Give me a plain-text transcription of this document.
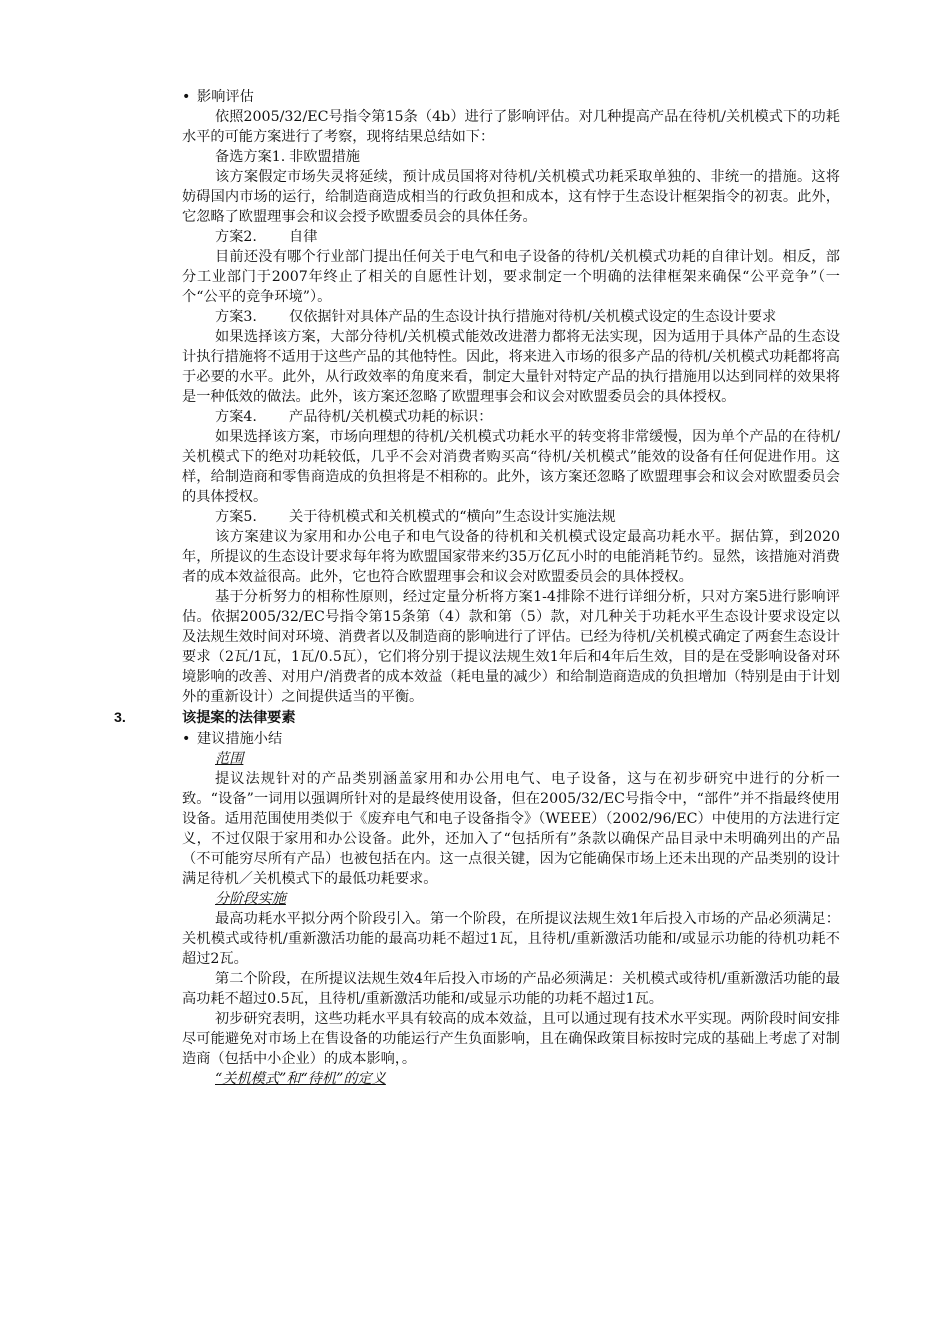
• 影响评估

依照2005/32/EC号指令第15条（4b）进行了影响评估。对几种提高产品在待机/关机模式下的功耗水平的可能方案进行了考察，现将结果总结如下：

备选方案1. 非欧盟措施

该方案假定市场失灵将延续，预计成员国将对待机/关机模式功耗采取单独的、非统一的措施。这将妨碍国内市场的运行，给制造商造成相当的行政负担和成本，这有悖于生态设计框架指令的初衷。此外，它忽略了欧盟理事会和议会授予欧盟委员会的具体任务。

方案2. 自律

目前还没有哪个行业部门提出任何关于电气和电子设备的待机/关机模式功耗的自律计划。相反，部分工业部门于2007年终止了相关的自愿性计划，要求制定一个明确的法律框架来确保“公平竞争”（一个“公平的竞争环境”）。

方案3. 仅依据针对具体产品的生态设计执行措施对待机/关机模式设定的生态设计要求

如果选择该方案，大部分待机/关机模式能效改进潜力都将无法实现，因为适用于具体产品的生态设计执行措施将不适用于这些产品的其他特性。因此，将来进入市场的很多产品的待机/关机模式功耗都将高于必要的水平。此外，从行政效率的角度来看，制定大量针对特定产品的执行措施用以达到同样的效果将是一种低效的做法。此外，该方案还忽略了欧盟理事会和议会对欧盟委员会的具体授权。

方案4. 产品待机/关机模式功耗的标识：

如果选择该方案，市场向理想的待机/关机模式功耗水平的转变将非常缓慢，因为单个产品的在待机/关机模式下的绝对功耗较低，几乎不会对消费者购买高“待机/关机模式”能效的设备有任何促进作用。这样，给制造商和零售商造成的负担将是不相称的。此外，该方案还忽略了欧盟理事会和议会对欧盟委员会的具体授权。

方案5. 关于待机模式和关机模式的“横向”生态设计实施法规

该方案建议为家用和办公电子和电气设备的待机和关机模式设定最高功耗水平。据估算，到2020年，所提议的生态设计要求每年将为欧盟国家带来约35万亿瓦小时的电能消耗节约。显然，该措施对消费者的成本效益很高。此外，它也符合欧盟理事会和议会对欧盟委员会的具体授权。

基于分析努力的相称性原则，经过定量分析将方案1-4排除不进行详细分析，只对方案5进行影响评估。依据2005/32/EC号指令第15条第（4）款和第（5）款，对几种关于功耗水平生态设计要求设定以及法规生效时间对环境、消费者以及制造商的影响进行了评估。已经为待机/关机模式确定了两套生态设计要求（2瓦/1瓦，1瓦/0.5瓦），它们将分别于提议法规生效1年后和4年后生效，目的是在受影响设备对环境影响的改善、对用户/消费者的成本效益（耗电量的减少）和给制造商造成的负担增加（特别是由于计划外的重新设计）之间提供适当的平衡。

3.	该提案的法律要素

• 建议措施小结

范围

提议法规针对的产品类别涵盖家用和办公用电气、电子设备，这与在初步研究中进行的分析一致。“设备”一词用以强调所针对的是最终使用设备，但在2005/32/EC号指令中，“部件”并不指最终使用设备。适用范围使用类似于《废弃电气和电子设备指令》（WEEE）（2002/96/EC）中使用的方法进行定义，不过仅限于家用和办公设备。此外，还加入了“包括所有”条款以确保产品目录中未明确列出的产品（不可能穷尽所有产品）也被包括在内。这一点很关键，因为它能确保市场上还未出现的产品类别的设计满足待机／关机模式下的最低功耗要求。

分阶段实施

最高功耗水平拟分两个阶段引入。第一个阶段，在所提议法规生效1年后投入市场的产品必须满足：关机模式或待机/重新激活功能的最高功耗不超过1瓦，且待机/重新激活功能和/或显示功能的待机功耗不超过2瓦。

第二个阶段，在所提议法规生效4年后投入市场的产品必须满足：关机模式或待机/重新激活功能的最高功耗不超过0.5瓦，且待机/重新激活功能和/或显示功能的功耗不超过1瓦。

初步研究表明，这些功耗水平具有较高的成本效益，且可以通过现有技术水平实现。两阶段时间安排尽可能避免对市场上在售设备的功能运行产生负面影响，且在确保政策目标按时完成的基础上考虑了对制造商（包括中小企业）的成本影响，。

“关机模式”和“待机”的定义
